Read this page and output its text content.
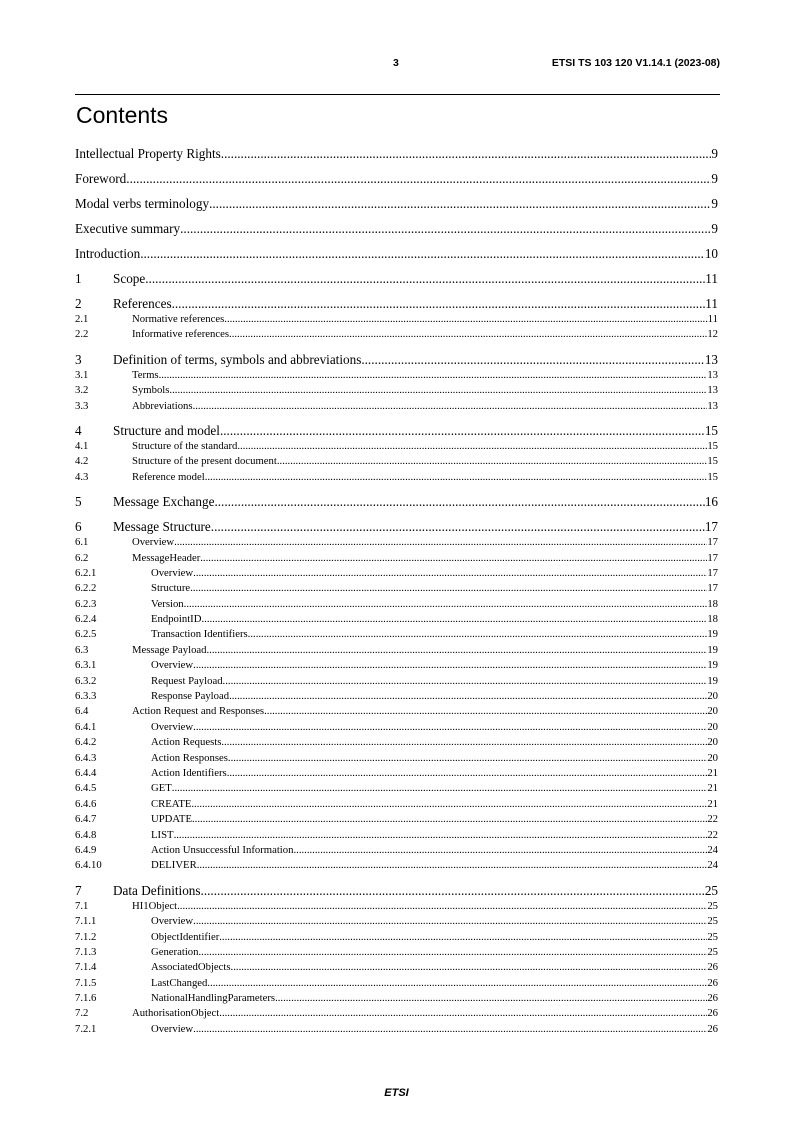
3	ETSI TS 103 120 V1.14.1 (2023-08)
Contents
Intellectual Property Rights .....	9
Foreword .....	9
Modal verbs terminology .....	9
Executive summary .....	9
Introduction .....	10
1	Scope .....	11
2	References .....	11
2.1	Normative references .....	11
2.2	Informative references .....	12
3	Definition of terms, symbols and abbreviations .....	13
3.1	Terms .....	13
3.2	Symbols .....	13
3.3	Abbreviations .....	13
4	Structure and model .....	15
4.1	Structure of the standard .....	15
4.2	Structure of the present document .....	15
4.3	Reference model .....	15
5	Message Exchange .....	16
6	Message Structure .....	17
6.1	Overview .....	17
6.2	MessageHeader .....	17
6.2.1	Overview .....	17
6.2.2	Structure .....	17
6.2.3	Version .....	18
6.2.4	EndpointID .....	18
6.2.5	Transaction Identifiers .....	19
6.3	Message Payload .....	19
6.3.1	Overview .....	19
6.3.2	Request Payload .....	19
6.3.3	Response Payload .....	20
6.4	Action Request and Responses .....	20
6.4.1	Overview .....	20
6.4.2	Action Requests .....	20
6.4.3	Action Responses .....	20
6.4.4	Action Identifiers .....	21
6.4.5	GET .....	21
6.4.6	CREATE .....	21
6.4.7	UPDATE .....	22
6.4.8	LIST .....	22
6.4.9	Action Unsuccessful Information .....	24
6.4.10	DELIVER .....	24
7	Data Definitions .....	25
7.1	HI1Object .....	25
7.1.1	Overview .....	25
7.1.2	ObjectIdentifier .....	25
7.1.3	Generation .....	25
7.1.4	AssociatedObjects .....	26
7.1.5	LastChanged .....	26
7.1.6	NationalHandlingParameters .....	26
7.2	AuthorisationObject .....	26
7.2.1	Overview .....	26
ETSI
